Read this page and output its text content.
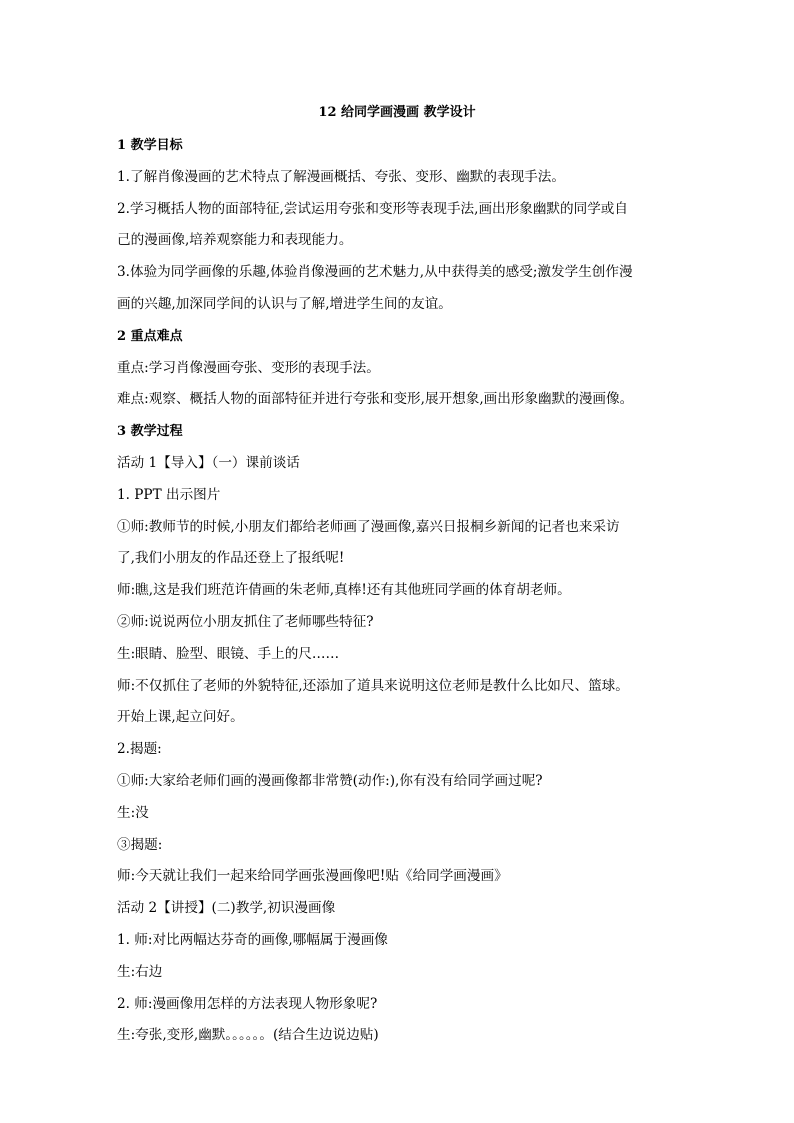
12 给同学画漫画 教学设计
1 教学目标
1.了解肖像漫画的艺术特点了解漫画概括、夸张、变形、幽默的表现手法。
2.学习概括人物的面部特征,尝试运用夸张和变形等表现手法,画出形象幽默的同学或自
己的漫画像,培养观察能力和表现能力。
3.体验为同学画像的乐趣,体验肖像漫画的艺术魅力,从中获得美的感受;激发学生创作漫
画的兴趣,加深同学间的认识与了解,增进学生间的友谊。
2 重点难点
重点:学习肖像漫画夸张、变形的表现手法。
难点:观察、概括人物的面部特征并进行夸张和变形,展开想象,画出形象幽默的漫画像。
3 教学过程
活动 1【导入】（一）课前谈话
1. PPT 出示图片
①师:教师节的时候,小朋友们都给老师画了漫画像,嘉兴日报桐乡新闻的记者也来采访
了,我们小朋友的作品还登上了报纸呢!
师:瞧,这是我们班范许倩画的朱老师,真棒!还有其他班同学画的体育胡老师。
②师:说说两位小朋友抓住了老师哪些特征?
生:眼睛、脸型、眼镜、手上的尺……
师:不仅抓住了老师的外貌特征,还添加了道具来说明这位老师是教什么比如尺、篮球。
开始上课,起立问好。
2.揭题:
①师:大家给老师们画的漫画像都非常赞(动作:),你有没有给同学画过呢?
生:没
③揭题:
师:今天就让我们一起来给同学画张漫画像吧!贴《给同学画漫画》
活动 2【讲授】(二)教学,初识漫画像
1. 师:对比两幅达芬奇的画像,哪幅属于漫画像
生:右边
2. 师:漫画像用怎样的方法表现人物形象呢?
生:夸张,变形,幽默。。。。。。(结合生边说边贴)
